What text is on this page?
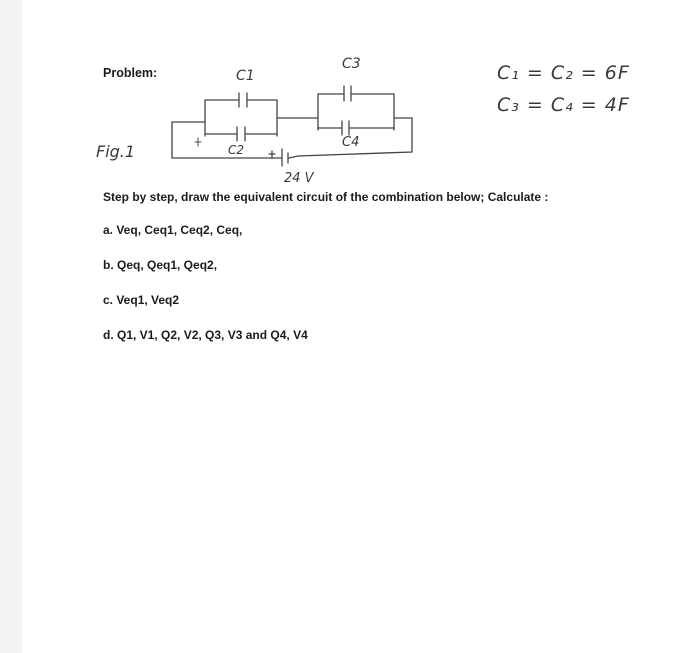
Problem:	C₁ = C₂ = 6F
C₃ = C₄ = 4F
Fig.1
C1
C2
C3
C4
24 V

Step by step, draw the equivalent circuit of the combination below; Calculate :

a. Veq, Ceq1, Ceq2, Ceq,

b. Qeq, Qeq1, Qeq2,

c. Veq1, Veq2

d. Q1, V1, Q2, V2, Q3, V3 and Q4, V4
